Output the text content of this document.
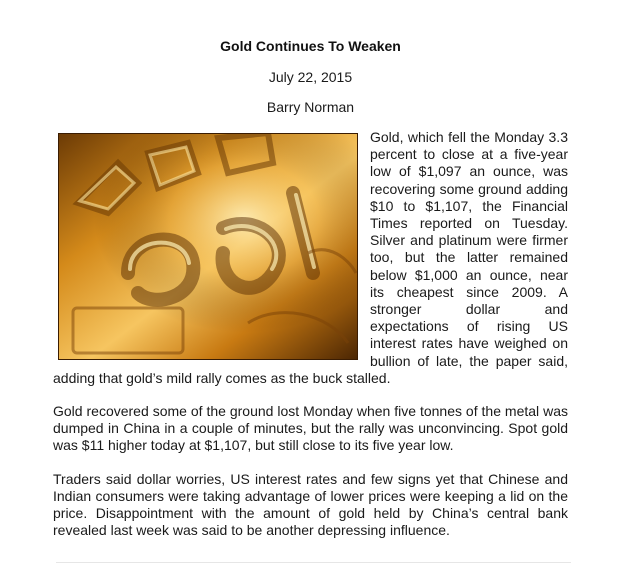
Gold Continues To Weaken
July 22, 2015
Barry Norman

Gold, which fell the Monday 3.3 percent to close at a five-year low of $1,097 an ounce, was recovering some ground adding $10 to $1,107, the Financial Times reported on Tuesday. Silver and platinum were firmer too, but the latter remained below $1,000 an ounce, near its cheapest since 2009. A stronger dollar and expectations of rising US interest rates have weighed on bullion of late, the paper said, adding that gold’s mild rally comes as the buck stalled.

Gold recovered some of the ground lost Monday when five tonnes of the metal was dumped in China in a couple of minutes, but the rally was unconvincing. Spot gold was $11 higher today at $1,107, but still close to its five year low.

Traders said dollar worries, US interest rates and few signs yet that Chinese and Indian consumers were taking advantage of lower prices were keeping a lid on the price. Disappointment with the amount of gold held by China’s central bank revealed last week was said to be another depressing influence.
